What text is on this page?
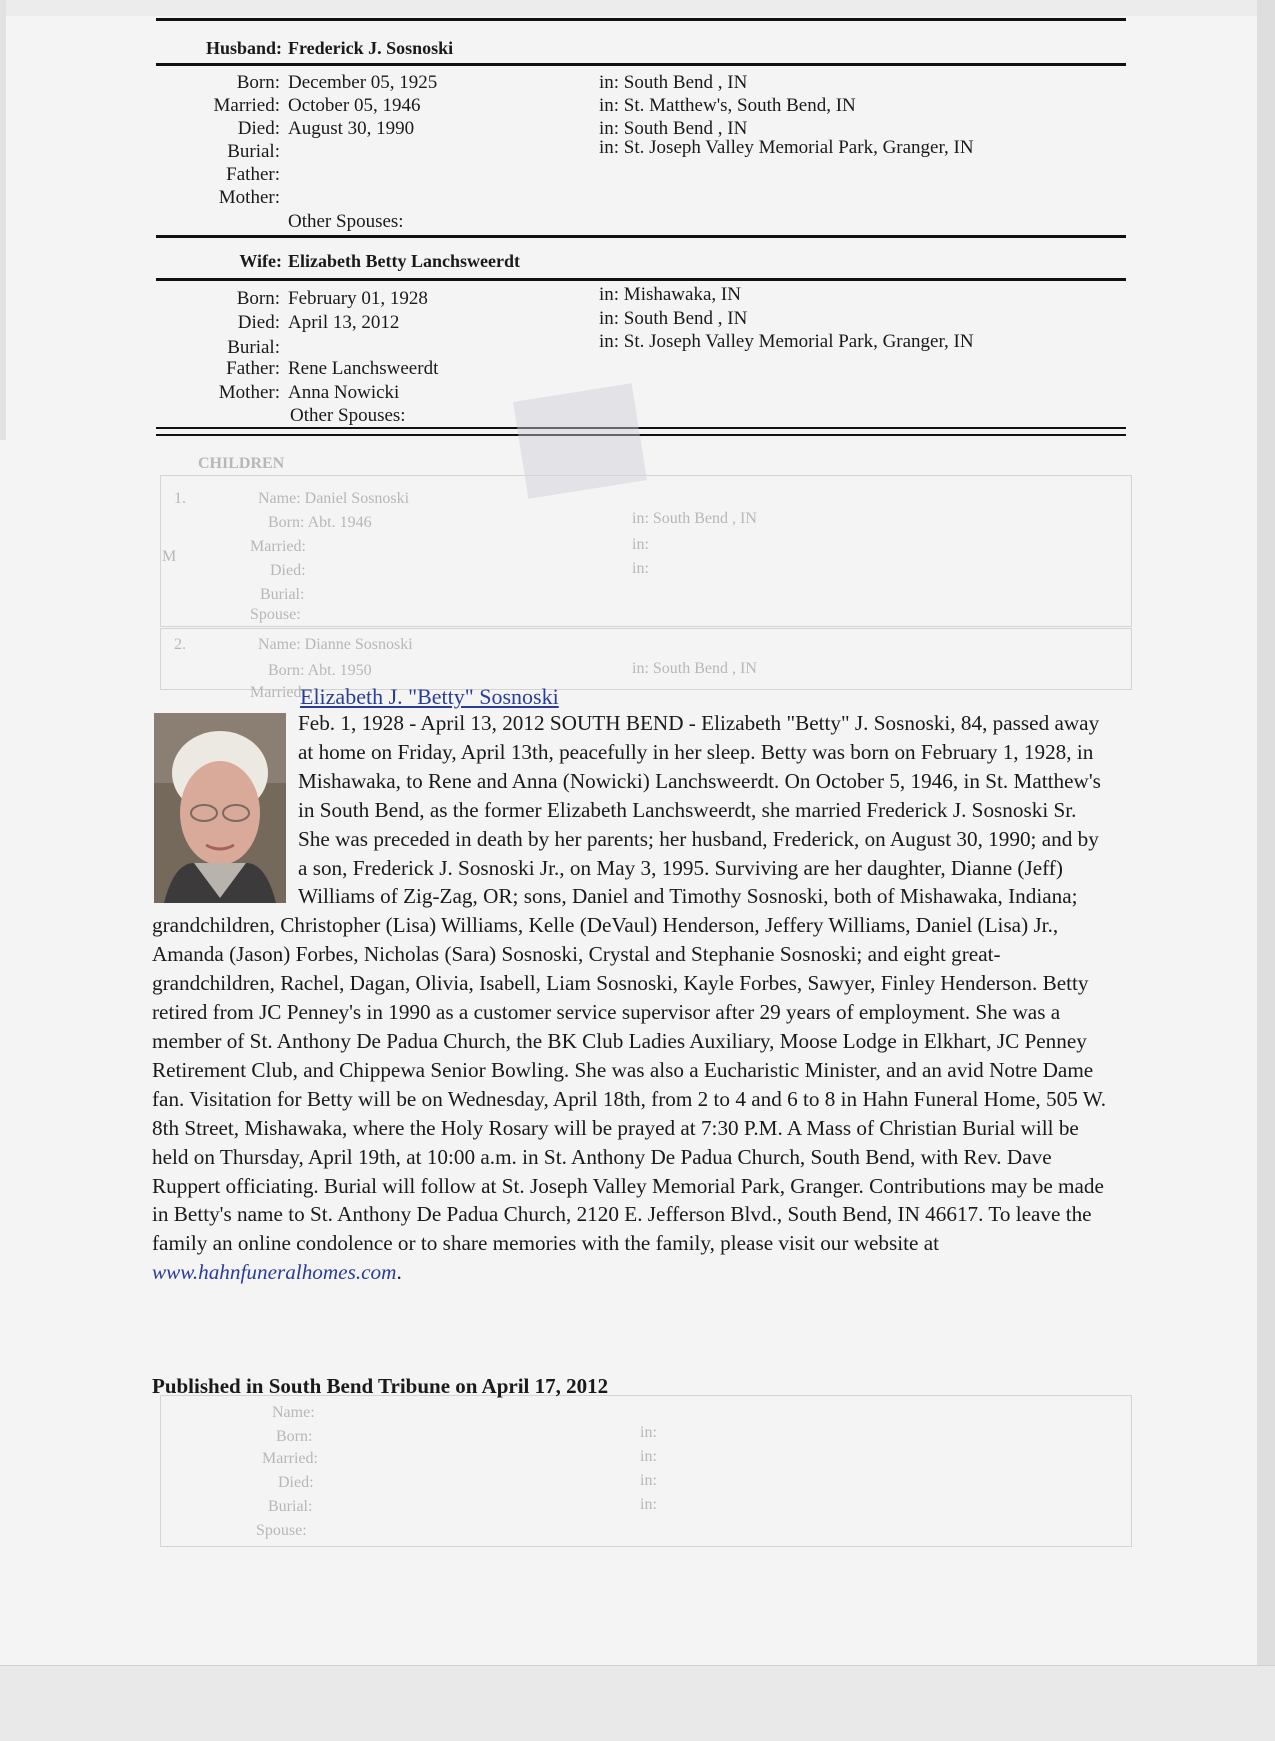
Husband: Frederick J. Sosnoski
Born: December 05, 1925	in: South Bend , IN
Married: October 05, 1946	in: St. Matthew's, South Bend, IN
Died: August 30, 1990	in: South Bend , IN
Burial:	in: St. Joseph Valley Memorial Park, Granger, IN
Father:
Mother:
Other Spouses:
Wife: Elizabeth Betty Lanchsweerdt
Born: February 01, 1928	in: Mishawaka, IN
Died: April 13, 2012	in: South Bend , IN
Burial:	in: St. Joseph Valley Memorial Park, Granger, IN
Father: Rene Lanchsweerdt
Mother: Anna Nowicki
Other Spouses:
CHILDREN
1.
M
Name: Daniel Sosnoski
Born: Abt. 1946	in: South Bend , IN
Married:	in:
Died:	in:
Burial:
Spouse:
2.	Name: Dianne Sosnoski
Born: Abt. 1950	in: South Bend , IN
Married:
Name:
Born:	in:
Married:	in:
Died:	in:
Burial:	in:
Spouse:
Elizabeth J. "Betty" Sosnoski

Feb. 1, 1928 - April 13, 2012 SOUTH BEND - Elizabeth "Betty" J. Sosnoski, 84, passed away at home on Friday, April 13th, peacefully in her sleep. Betty was born on February 1, 1928, in Mishawaka, to Rene and Anna (Nowicki) Lanchsweerdt. On October 5, 1946, in St. Matthew's in South Bend, as the former Elizabeth Lanchsweerdt, she married Frederick J. Sosnoski Sr. She was preceded in death by her parents; her husband, Frederick, on August 30, 1990; and by a son, Frederick J. Sosnoski Jr., on May 3, 1995. Surviving are her daughter, Dianne (Jeff) Williams of Zig-Zag, OR; sons, Daniel and Timothy Sosnoski, both of Mishawaka, Indiana; grandchildren, Christopher (Lisa) Williams, Kelle (DeVaul) Henderson, Jeffery Williams, Daniel (Lisa) Jr., Amanda (Jason) Forbes, Nicholas (Sara) Sosnoski, Crystal and Stephanie Sosnoski; and eight great-grandchildren, Rachel, Dagan, Olivia, Isabell, Liam Sosnoski, Kayle Forbes, Sawyer, Finley Henderson. Betty retired from JC Penney's in 1990 as a customer service supervisor after 29 years of employment. She was a member of St. Anthony De Padua Church, the BK Club Ladies Auxiliary, Moose Lodge in Elkhart, JC Penney Retirement Club, and Chippewa Senior Bowling. She was also a Eucharistic Minister, and an avid Notre Dame fan. Visitation for Betty will be on Wednesday, April 18th, from 2 to 4 and 6 to 8 in Hahn Funeral Home, 505 W. 8th Street, Mishawaka, where the Holy Rosary will be prayed at 7:30 P.M. A Mass of Christian Burial will be held on Thursday, April 19th, at 10:00 a.m. in St. Anthony De Padua Church, South Bend, with Rev. Dave Ruppert officiating. Burial will follow at St. Joseph Valley Memorial Park, Granger. Contributions may be made in Betty's name to St. Anthony De Padua Church, 2120 E. Jefferson Blvd., South Bend, IN 46617. To leave the family an online condolence or to share memories with the family, please visit our website at www.hahnfuneralhomes.com.

Published in South Bend Tribune on April 17, 2012
